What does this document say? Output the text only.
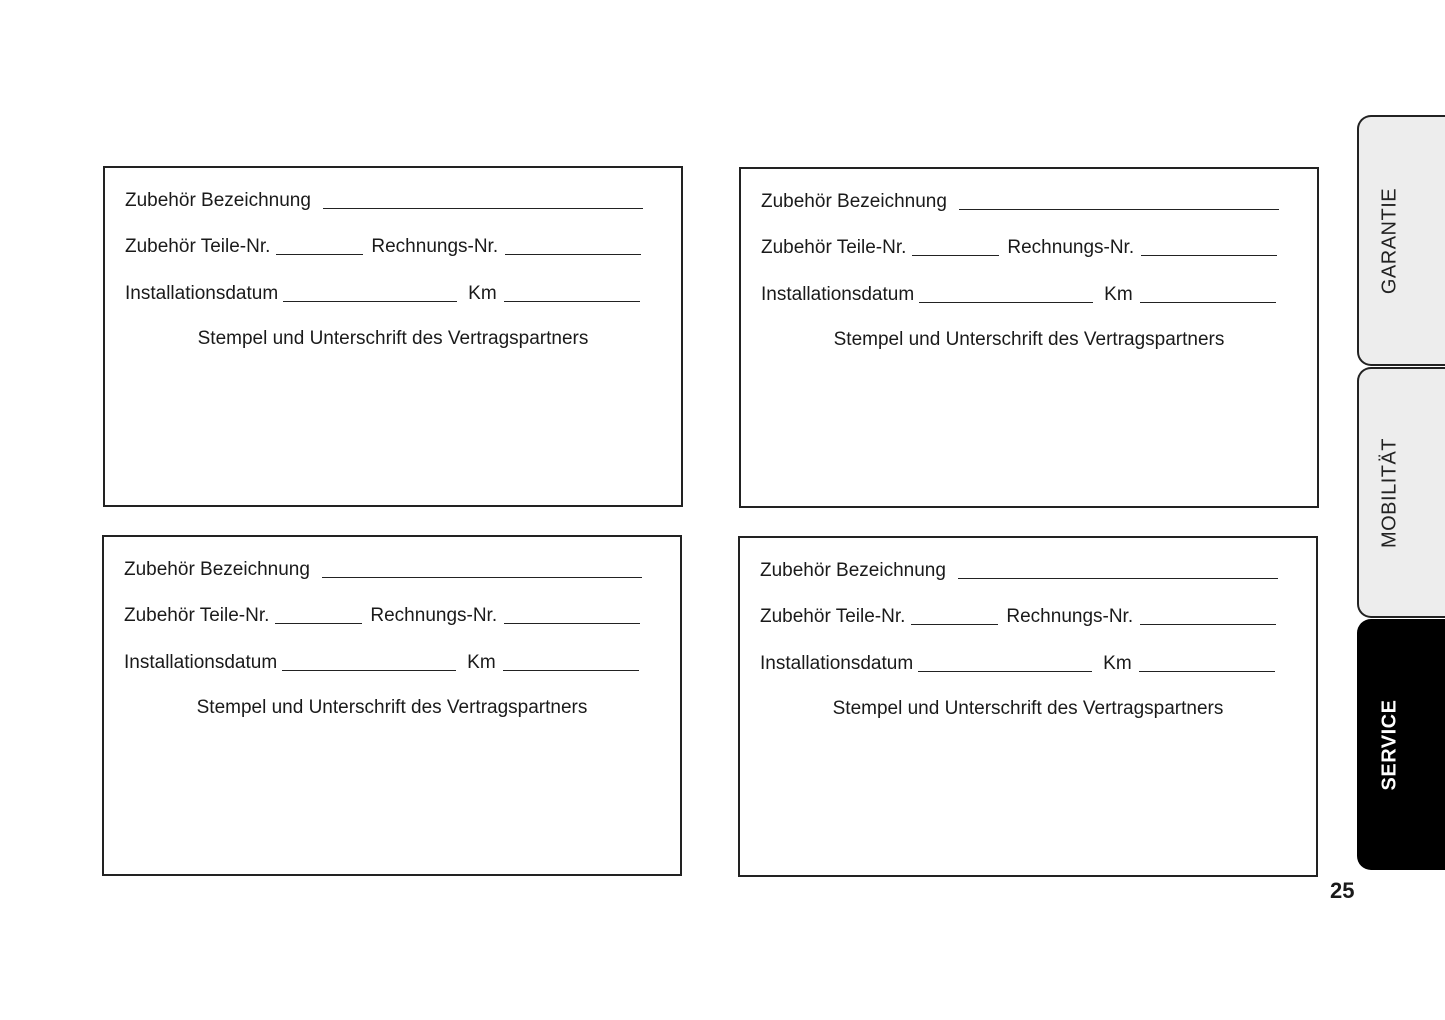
Zubehör Bezeichnung
Zubehör Teile-Nr.	Rechnungs-Nr.
Installationsdatum	Km
Stempel und Unterschrift des Vertragspartners
Zubehör Bezeichnung
Zubehör Teile-Nr.	Rechnungs-Nr.
Installationsdatum	Km
Stempel und Unterschrift des Vertragspartners
Zubehör Bezeichnung
Zubehör Teile-Nr.	Rechnungs-Nr.
Installationsdatum	Km
Stempel und Unterschrift des Vertragspartners
Zubehör Bezeichnung
Zubehör Teile-Nr.	Rechnungs-Nr.
Installationsdatum	Km
Stempel und Unterschrift des Vertragspartners
GARANTIE
MOBILITÄT
SERVICE
25
